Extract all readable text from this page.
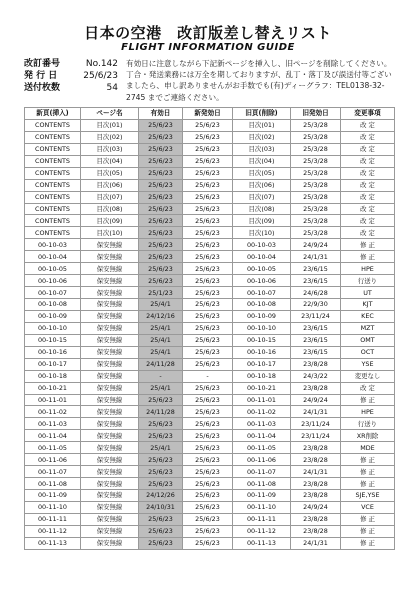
日本の空港　改訂版差し替えリスト
FLIGHT INFORMATION GUIDE
改訂番号	No.142
発 行 日	25/6/23
送付枚数	54
有効日に注意しながら下記新ページを挿入し、旧ページを削除してください。丁合・発送業務には万全を期しておりますが、乱丁・落丁及び誤送付等ございましたら、申し訳ありませんがお手数でも(有)ディーグラフ：TEL0138-32-2745 までご連絡ください。
新頁(挿入)	ページ名	有効日	新発効日	旧頁(削除)	旧発効日	変更事項
CONTENTS	目次(01)	25/6/23	25/6/23	目次(01)	25/3/28	改 定
CONTENTS	目次(02)	25/6/23	25/6/23	目次(02)	25/3/28	改 定
CONTENTS	目次(03)	25/6/23	25/6/23	目次(03)	25/3/28	改 定
CONTENTS	目次(04)	25/6/23	25/6/23	目次(04)	25/3/28	改 定
CONTENTS	目次(05)	25/6/23	25/6/23	目次(05)	25/3/28	改 定
CONTENTS	目次(06)	25/6/23	25/6/23	目次(06)	25/3/28	改 定
CONTENTS	目次(07)	25/6/23	25/6/23	目次(07)	25/3/28	改 定
CONTENTS	目次(08)	25/6/23	25/6/23	目次(08)	25/3/28	改 定
CONTENTS	目次(09)	25/6/23	25/6/23	目次(09)	25/3/28	改 定
CONTENTS	目次(10)	25/6/23	25/6/23	目次(10)	25/3/28	改 定
00-10-03	保安無線	25/6/23	25/6/23	00-10-03	24/9/24	修 正
00-10-04	保安無線	25/6/23	25/6/23	00-10-04	24/1/31	修 正
00-10-05	保安無線	25/6/23	25/6/23	00-10-05	23/6/15	HPE
00-10-06	保安無線	25/6/23	25/6/23	00-10-06	23/6/15	行送り
00-10-07	保安無線	25/1/23	25/6/23	00-10-07	24/6/28	UT
00-10-08	保安無線	25/4/1	25/6/23	00-10-08	22/9/30	KJT
00-10-09	保安無線	24/12/16	25/6/23	00-10-09	23/11/24	KEC
00-10-10	保安無線	25/4/1	25/6/23	00-10-10	23/6/15	MZT
00-10-15	保安無線	25/4/1	25/6/23	00-10-15	23/6/15	OMT
00-10-16	保安無線	25/4/1	25/6/23	00-10-16	23/6/15	OCT
00-10-17	保安無線	24/11/28	25/6/23	00-10-17	23/8/28	YSE
00-10-18	保安無線	-	-	00-10-18	24/3/22	変更なし
00-10-21	保安無線	25/4/1	25/6/23	00-10-21	23/8/28	改 定
00-11-01	保安無線	25/6/23	25/6/23	00-11-01	24/9/24	修 正
00-11-02	保安無線	24/11/28	25/6/23	00-11-02	24/1/31	HPE
00-11-03	保安無線	25/6/23	25/6/23	00-11-03	23/11/24	行送り
00-11-04	保安無線	25/6/23	25/6/23	00-11-04	23/11/24	XR削除
00-11-05	保安無線	25/4/1	25/6/23	00-11-05	23/8/28	MDE
00-11-06	保安無線	25/6/23	25/6/23	00-11-06	23/8/28	修 正
00-11-07	保安無線	25/6/23	25/6/23	00-11-07	24/1/31	修 正
00-11-08	保安無線	25/6/23	25/6/23	00-11-08	23/8/28	修 正
00-11-09	保安無線	24/12/26	25/6/23	00-11-09	23/8/28	SJE,YSE
00-11-10	保安無線	24/10/31	25/6/23	00-11-10	24/9/24	VCE
00-11-11	保安無線	25/6/23	25/6/23	00-11-11	23/8/28	修 正
00-11-12	保安無線	25/6/23	25/6/23	00-11-12	23/8/28	修 正
00-11-13	保安無線	25/6/23	25/6/23	00-11-13	24/1/31	修 正
